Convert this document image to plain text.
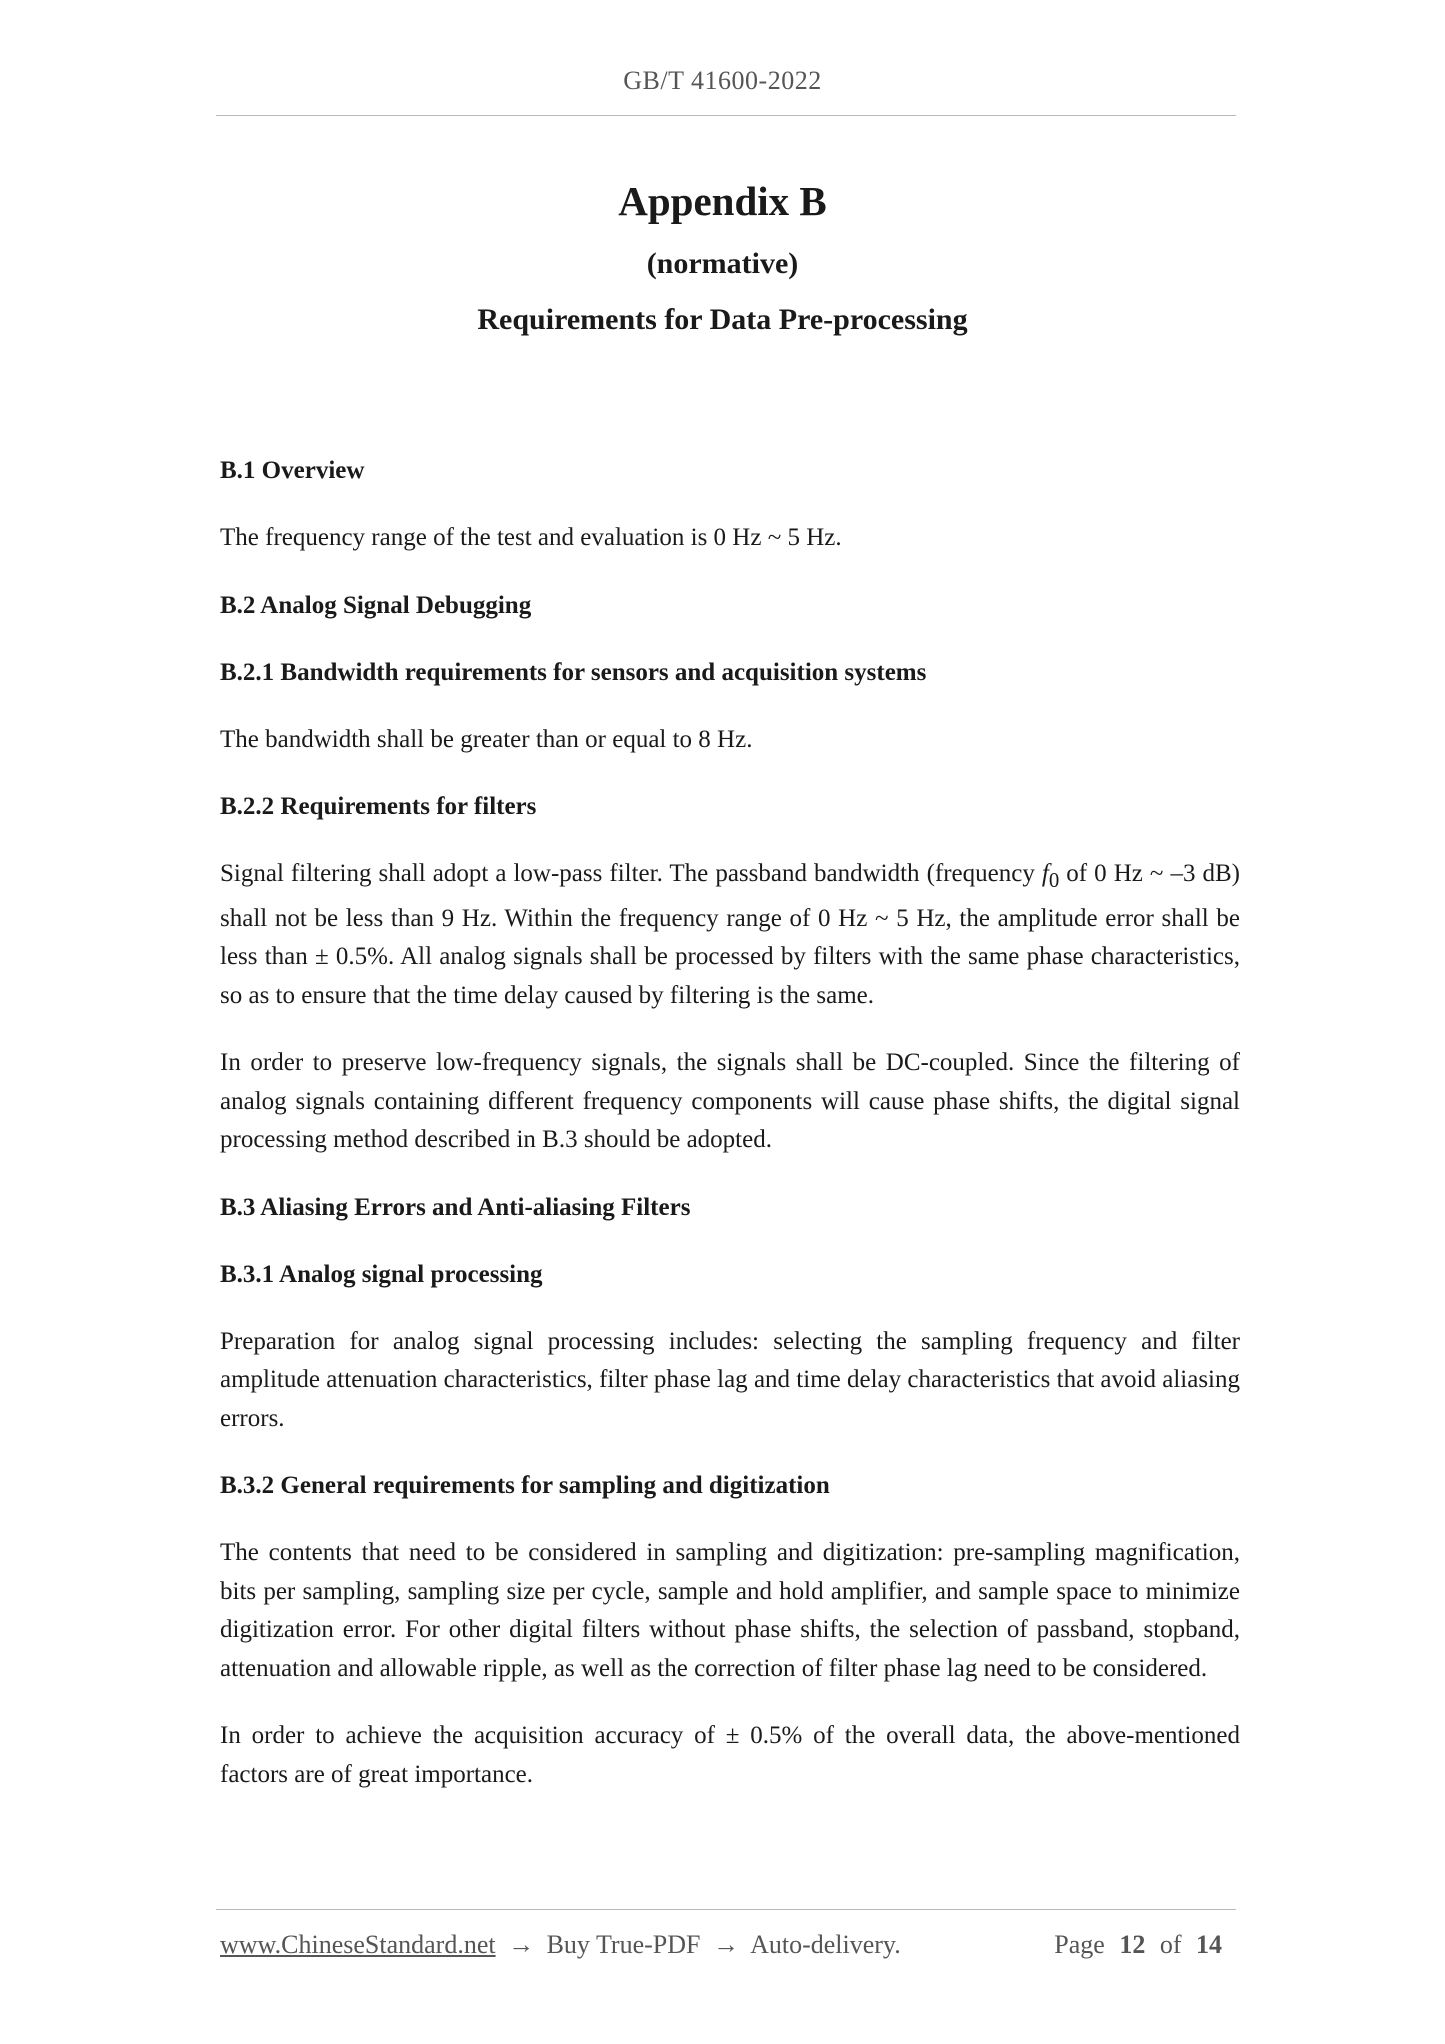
GB/T 41600-2022
Appendix B
(normative)
Requirements for Data Pre-processing
B.1 Overview

The frequency range of the test and evaluation is 0 Hz ~ 5 Hz.

B.2 Analog Signal Debugging
B.2.1 Bandwidth requirements for sensors and acquisition systems

The bandwidth shall be greater than or equal to 8 Hz.

B.2.2 Requirements for filters

Signal filtering shall adopt a low-pass filter. The passband bandwidth (frequency $f_0$ of 0 Hz ~ –3 dB) shall not be less than 9 Hz. Within the frequency range of 0 Hz ~ 5 Hz, the amplitude error shall be less than ± 0.5%. All analog signals shall be processed by filters with the same phase characteristics, so as to ensure that the time delay caused by filtering is the same.

In order to preserve low-frequency signals, the signals shall be DC-coupled. Since the filtering of analog signals containing different frequency components will cause phase shifts, the digital signal processing method described in B.3 should be adopted.

B.3 Aliasing Errors and Anti-aliasing Filters
B.3.1 Analog signal processing

Preparation for analog signal processing includes: selecting the sampling frequency and filter amplitude attenuation characteristics, filter phase lag and time delay characteristics that avoid aliasing errors.

B.3.2 General requirements for sampling and digitization

The contents that need to be considered in sampling and digitization: pre-sampling magnification, bits per sampling, sampling size per cycle, sample and hold amplifier, and sample space to minimize digitization error. For other digital filters without phase shifts, the selection of passband, stopband, attenuation and allowable ripple, as well as the correction of filter phase lag need to be considered.

In order to achieve the acquisition accuracy of ± 0.5% of the overall data, the above-mentioned factors are of great importance.

www.ChineseStandard.net → Buy True-PDF → Auto-delivery.	Page 12 of 14
